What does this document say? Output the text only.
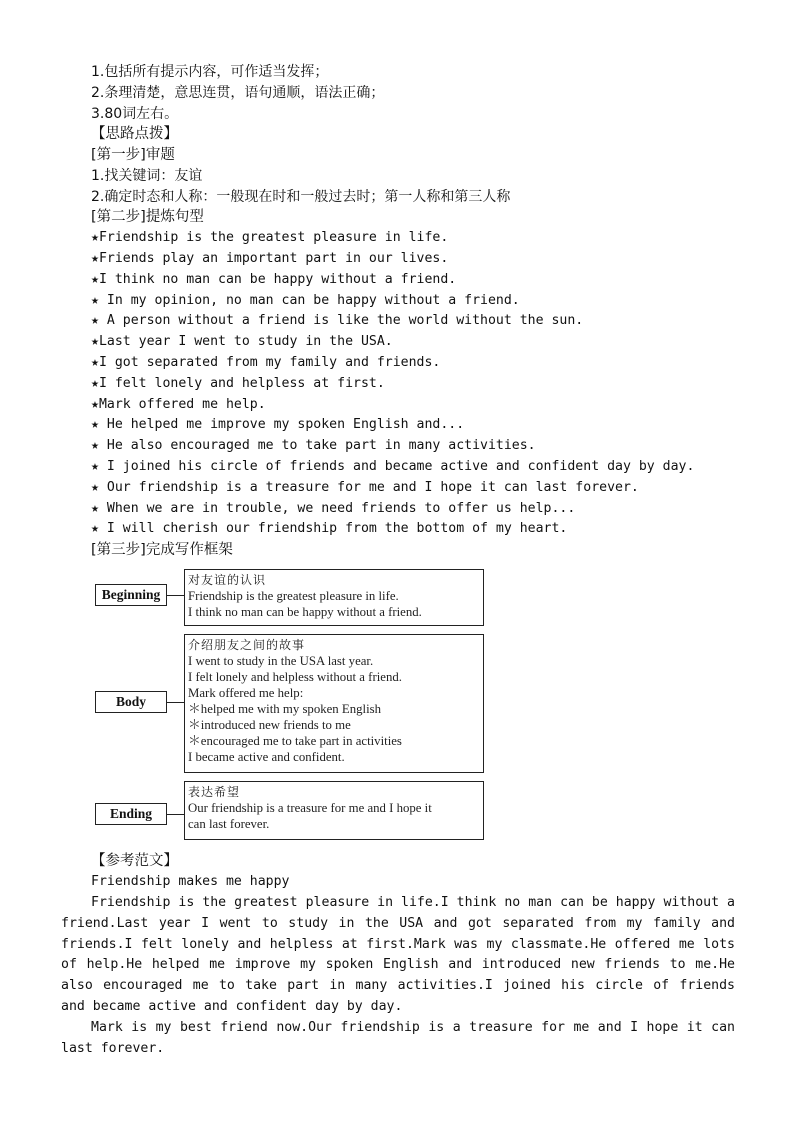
1.包括所有提示内容，可作适当发挥；
2.条理清楚，意思连贯，语句通顺，语法正确；
3.80词左右。
【思路点拨】
[第一步]审题
1.找关键词：友谊
2.确定时态和人称：一般现在时和一般过去时；第一人称和第三人称
[第二步]提炼句型
★Friendship is the greatest pleasure in life.
★Friends play an important part in our lives.
★I think no man can be happy without a friend.
★ In my opinion, no man can be happy without a friend.
★ A person without a friend is like the world without the sun.
★Last year I went to study in the USA.
★I got separated from my family and friends.
★I felt lonely and helpless at first.
★Mark offered me help.
★ He helped me improve my spoken English and...
★ He also encouraged me to take part in many activities.
★ I joined his circle of friends and became active and confident day by day.
★ Our friendship is a treasure for me and I hope it can last forever.
★ When we are in trouble, we need friends to offer us help...
★ I will cherish our friendship from the bottom of my heart.
[第三步]完成写作框架
Beginning
对友谊的认识
Friendship is the greatest pleasure in life.
I think no man can be happy without a friend.
Body
介绍朋友之间的故事
I went to study in the USA last year.
I felt lonely and helpless without a friend.
Mark offered me help:
＊helped me with my spoken English
＊introduced new friends to me
＊encouraged me to take part in activities
I became active and confident.
Ending
表达希望
Our friendship is a treasure for me and I hope it
can last forever.
【参考范文】
Friendship makes me happy

Friendship is the greatest pleasure in life.I think no man can be happy without a friend.Last year I went to study in the USA and got separated from my family and friends.I felt lonely and helpless at first.Mark was my classmate.He offered me lots of help.He helped me improve my spoken English and introduced new friends to me.He also encouraged me to take part in many activities.I joined his circle of friends and became active and confident day by day.

Mark is my best friend now.Our friendship is a treasure for me and I hope it can last forever.
